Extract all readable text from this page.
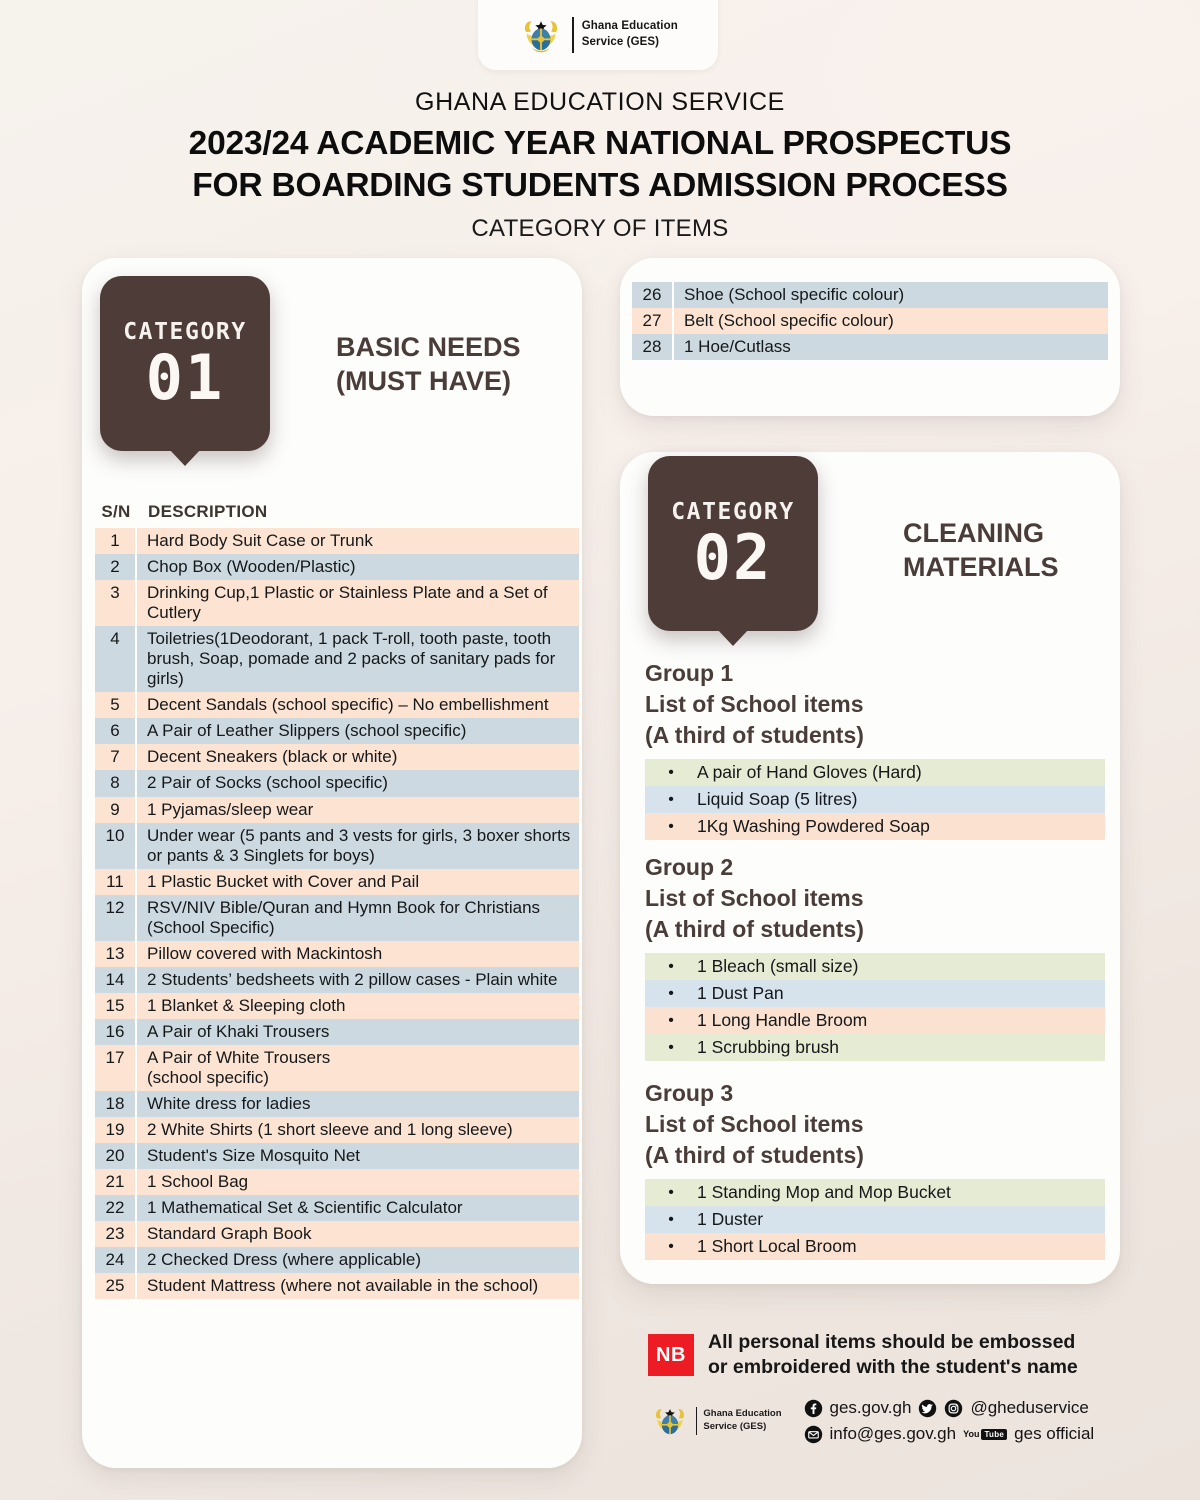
Ghana Education
Service (GES)
GHANA EDUCATION SERVICE
2023/24 ACADEMIC YEAR NATIONAL PROSPECTUS
FOR BOARDING STUDENTS ADMISSION PROCESS
CATEGORY OF ITEMS
CATEGORY
01	BASIC NEEDS
(MUST HAVE)
26	Shoe (School specific colour)
27	Belt (School specific colour)
28	1 Hoe/Cutlass
S/N	DESCRIPTION
1	Hard Body Suit Case or Trunk
2	Chop Box (Wooden/Plastic)
3	Drinking Cup,1 Plastic or Stainless Plate and a Set of Cutlery
4	Toiletries(1Deodorant, 1 pack T-roll, tooth paste, tooth brush, Soap, pomade and 2 packs of sanitary pads for girls)
5	Decent Sandals (school specific) – No embellishment
6	A Pair of Leather Slippers (school specific)
7	Decent Sneakers (black or white)
8	2 Pair of Socks (school specific)
9	1 Pyjamas/sleep wear
10	Under wear (5 pants and 3 vests for girls, 3 boxer shorts or pants & 3 Singlets for boys)
11	1 Plastic Bucket with Cover and Pail
12	RSV/NIV Bible/Quran and Hymn Book for Christians (School Specific)
13	Pillow covered with Mackintosh
14	2 Students’ bedsheets with 2 pillow cases - Plain white
15	1 Blanket & Sleeping cloth
16	A Pair of Khaki Trousers
17	A Pair of White Trousers
(school specific)
18	White dress for ladies
19	2 White Shirts (1 short sleeve and 1 long sleeve)
20	Student's Size Mosquito Net
21	1 School Bag
22	1 Mathematical Set & Scientific Calculator
23	Standard Graph Book
24	2 Checked Dress (where applicable)
25	Student Mattress (where not available in the school)
CATEGORY
02	CLEANING
MATERIALS
Group 1
List of School items
(A third of students)
•	A pair of Hand Gloves (Hard)
•	Liquid Soap (5 litres)
•	1Kg Washing Powdered Soap
Group 2
List of School items
(A third of students)
•	1 Bleach (small size)
•	1 Dust Pan
•	1 Long Handle Broom
•	1 Scrubbing brush
Group 3
List of School items
(A third of students)
•	1 Standing Mop and Mop Bucket
•	1 Duster
•	1 Short Local Broom
NB
All personal items should be embossed
or embroidered with the student's name
Ghana Education
Service (GES)
ges.gov.gh	@gheduservice
info@ges.gov.gh You Tube ges official
